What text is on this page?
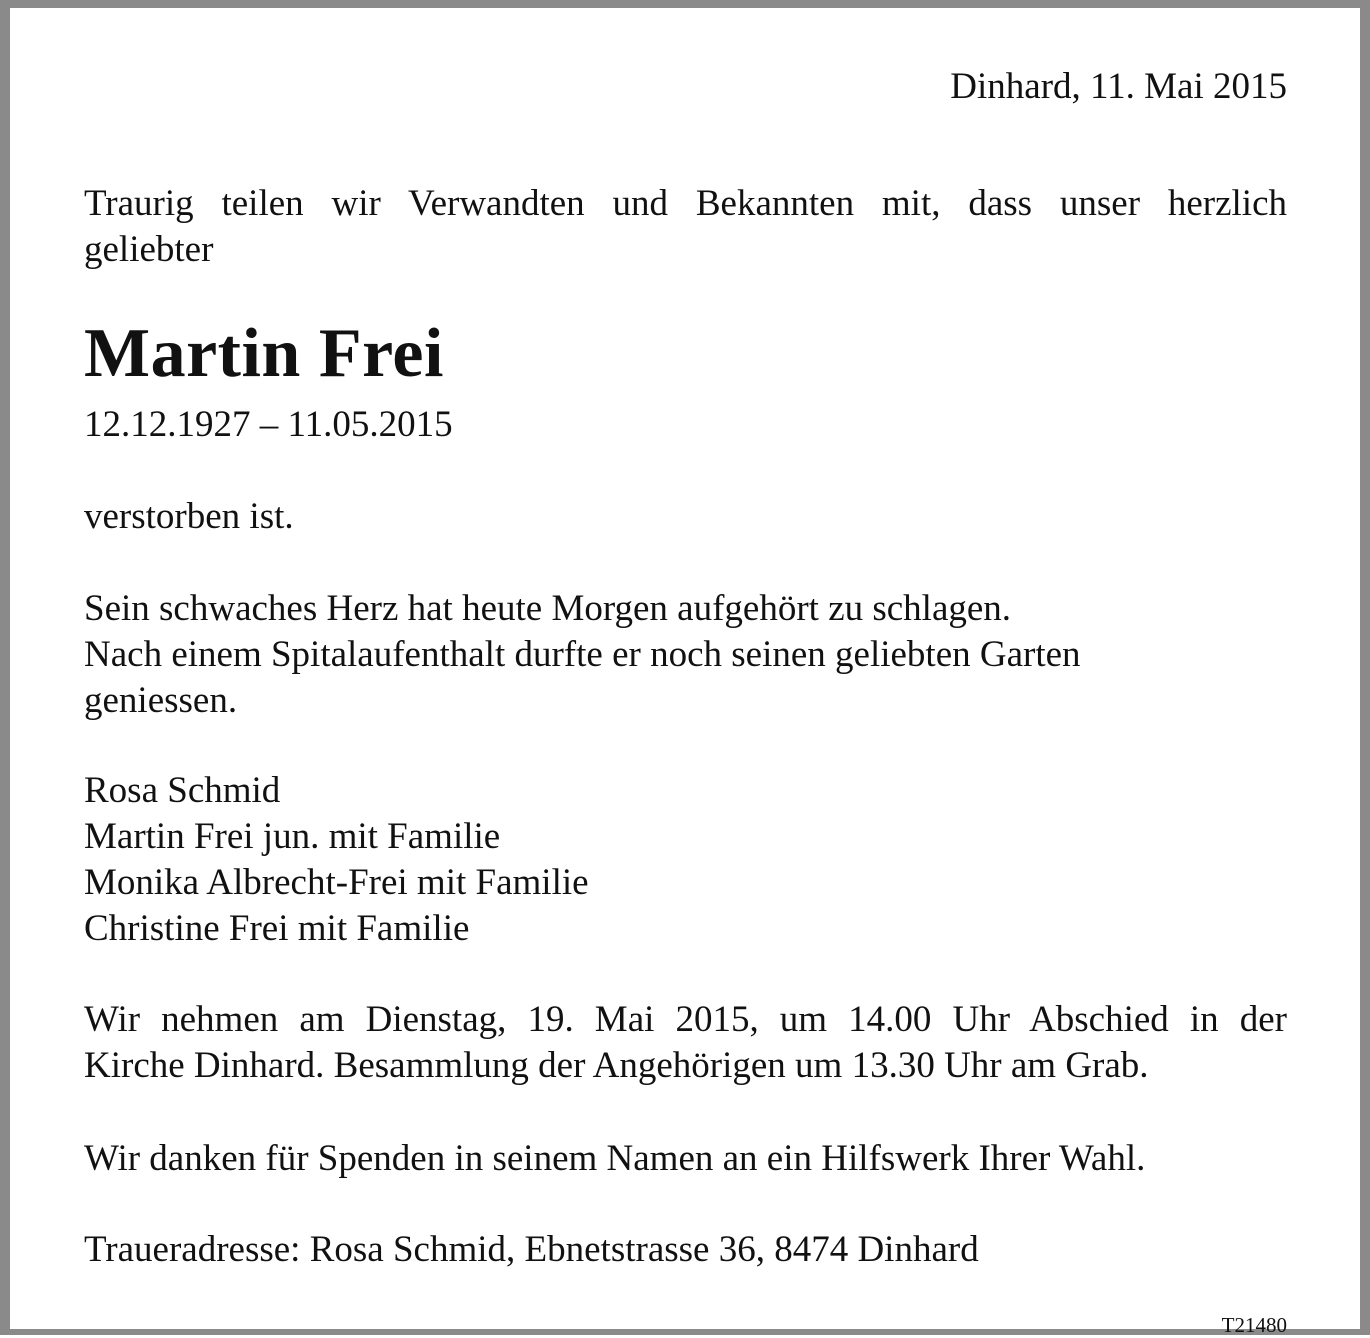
Dinhard, 11. Mai 2015

Traurig teilen wir Verwandten und Bekannten mit, dass unser herzlich
geliebter

Martin Frei

12.12.1927 – 11.05.2015

verstorben ist.

Sein schwaches Herz hat heute Morgen aufgehört zu schlagen.
Nach einem Spitalaufenthalt durfte er noch seinen geliebten Garten
geniessen.

Rosa Schmid
Martin Frei jun. mit Familie
Monika Albrecht-Frei mit Familie
Christine Frei mit Familie

Wir nehmen am Dienstag, 19. Mai 2015, um 14.00 Uhr Abschied in der
Kirche Dinhard. Besammlung der Angehörigen um 13.30 Uhr am Grab.

Wir danken für Spenden in seinem Namen an ein Hilfswerk Ihrer Wahl.

Traueradresse: Rosa Schmid, Ebnetstrasse 36, 8474 Dinhard

T21480
